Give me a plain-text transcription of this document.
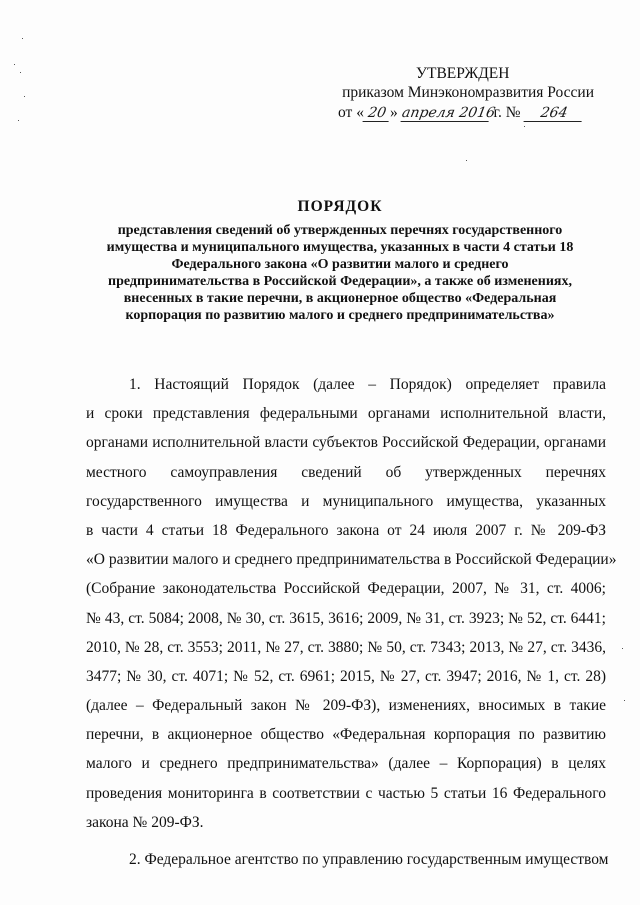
УТВЕРЖДЕН
приказом Минэкономразвития России
от « 20 » апреля 2016 г. № 264
ПОРЯДОК
представления сведений об утвержденных перечнях государственного
имущества и муниципального имущества, указанных в части 4 статьи 18
Федерального закона «О развитии малого и среднего
предпринимательства в Российской Федерации», а также об изменениях,
внесенных в такие перечни, в акционерное общество «Федеральная
корпорация по развитию малого и среднего предпринимательства»
1. Настоящий Порядок (далее – Порядок) определяет правила
и сроки представления федеральными органами исполнительной власти,
органами исполнительной власти субъектов Российской Федерации, органами
местного самоуправления сведений об утвержденных перечнях
государственного имущества и муниципального имущества, указанных
в части 4 статьи 18 Федерального закона от 24 июля 2007 г. № 209-ФЗ
«О развитии малого и среднего предпринимательства в Российской Федерации»
(Собрание законодательства Российской Федерации, 2007, № 31, ст. 4006;
№ 43, ст. 5084; 2008, № 30, ст. 3615, 3616; 2009, № 31, ст. 3923; № 52, ст. 6441;
2010, № 28, ст. 3553; 2011, № 27, ст. 3880; № 50, ст. 7343; 2013, № 27, ст. 3436,
3477; № 30, ст. 4071; № 52, ст. 6961; 2015, № 27, ст. 3947; 2016, № 1, ст. 28)
(далее – Федеральный закон № 209-ФЗ), изменениях, вносимых в такие
перечни, в акционерное общество «Федеральная корпорация по развитию
малого и среднего предпринимательства» (далее – Корпорация) в целях
проведения мониторинга в соответствии с частью 5 статьи 16 Федерального
закона № 209-ФЗ.
2. Федеральное агентство по управлению государственным имуществом
